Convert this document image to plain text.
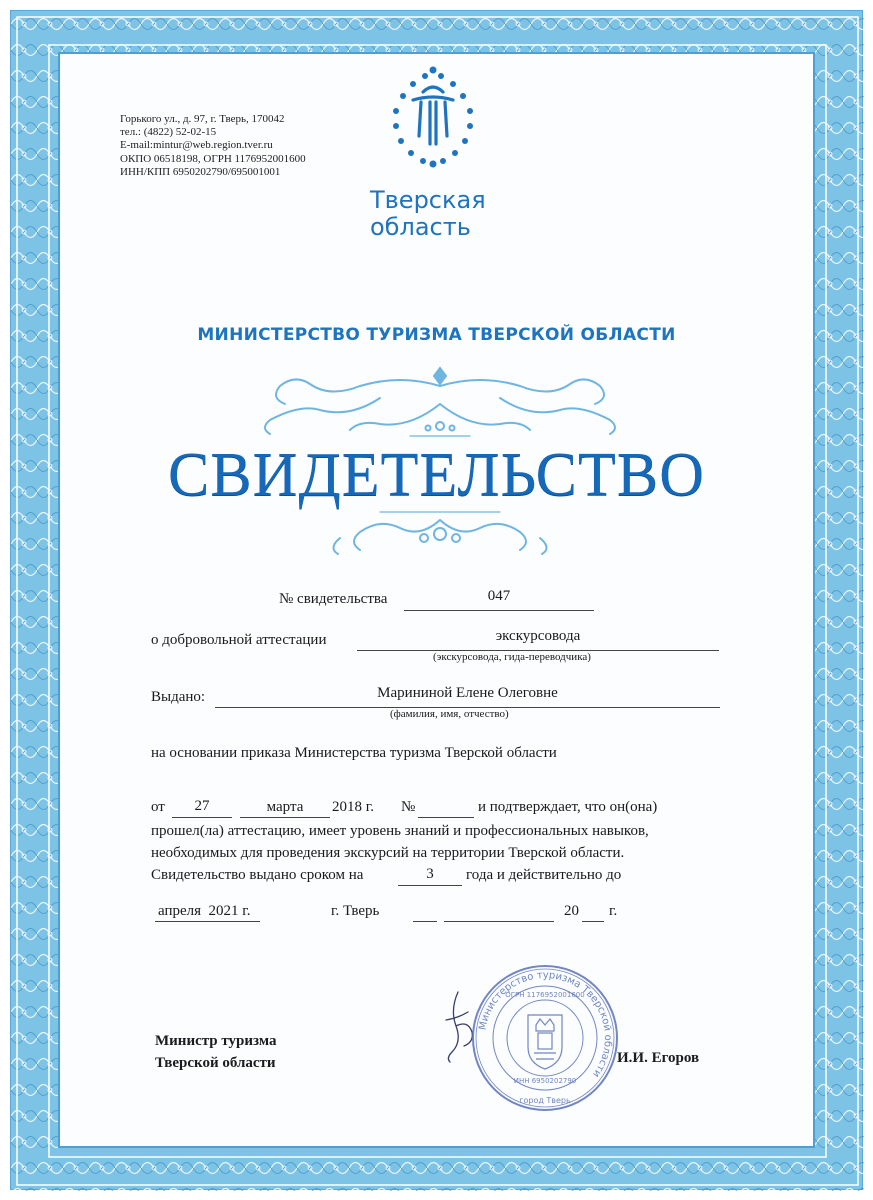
Горького ул., д. 97, г. Тверь, 170042
тел.: (4822) 52-02-15
E-mail:mintur@web.region.tver.ru
ОКПО 06518198, ОГРН 1176952001600
ИНН/КПП 6950202790/695001001
Тверская
область
МИНИСТЕРСТВО ТУРИЗМА ТВЕРСКОЙ ОБЛАСТИ
СВИДЕТЕЛЬСТВО
№ свидетельства	047
о добровольной аттестации	экскурсовода
(экскурсовода, гида-переводчика)
Выдано:	Марининой Елене Олеговне
(фамилия, имя, отчество)
на основании приказа Министерства туризма Тверской области
от	27	марта	2018 г. №	и подтверждает, что он(она)
прошел(ла) аттестацию, имеет уровень знаний и профессиональных навыков,
необходимых для проведения экскурсий на территории Тверской области.
Свидетельство выдано сроком на	3	года и действительно до
апреля  2021 г.	г. Тверь	20 г.
Министр туризма
Тверской области
Министерство туризма Тверской области
ОГРН 1176952001600
ИНН 6950202790
город Тверь
И.И. Егоров
